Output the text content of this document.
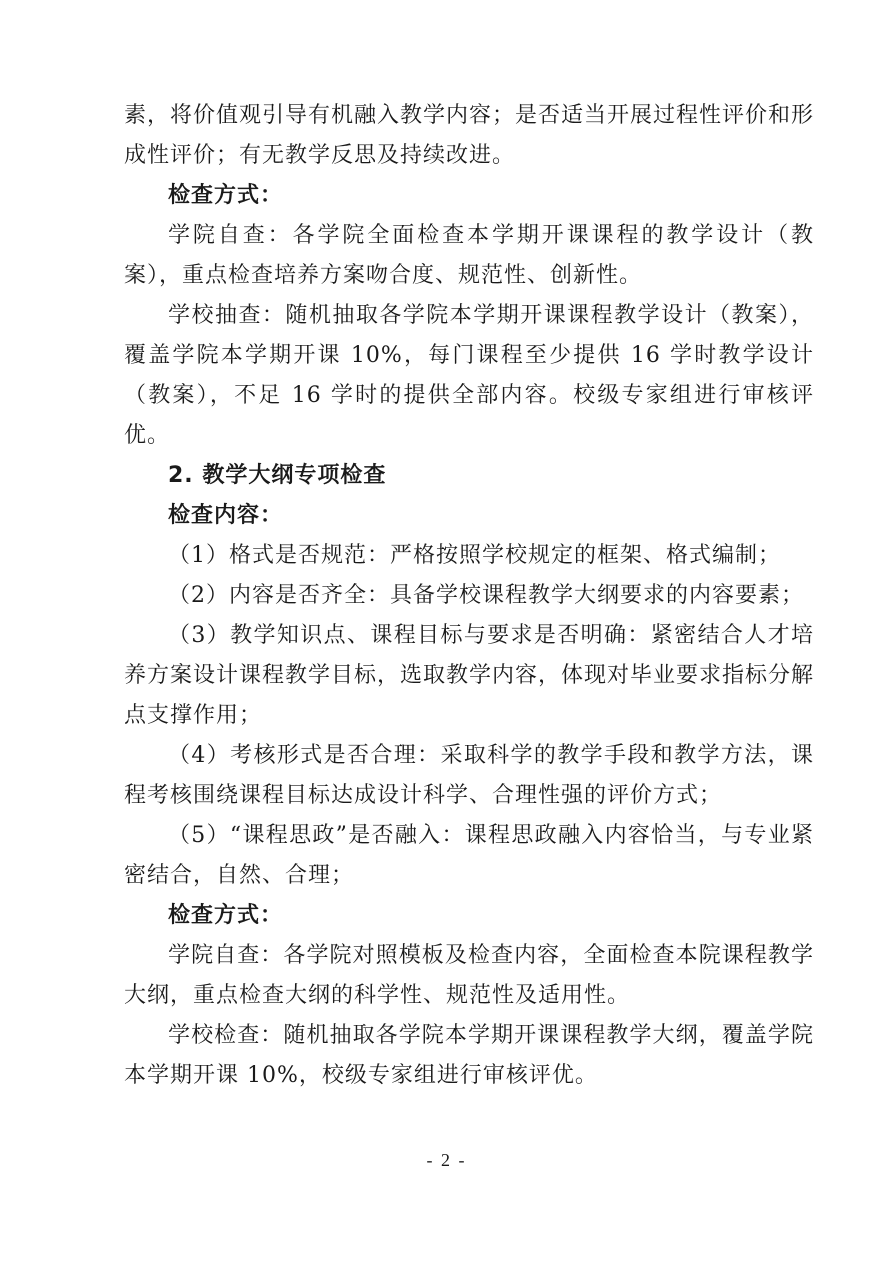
素，将价值观引导有机融入教学内容；是否适当开展过程性评价和形成性评价；有无教学反思及持续改进。

检查方式：

学院自查：各学院全面检查本学期开课课程的教学设计（教案），重点检查培养方案吻合度、规范性、创新性。

学校抽查：随机抽取各学院本学期开课课程教学设计（教案），覆盖学院本学期开课 10%，每门课程至少提供 16 学时教学设计（教案），不足 16 学时的提供全部内容。校级专家组进行审核评优。

2. 教学大纲专项检查

检查内容：

（1）格式是否规范：严格按照学校规定的框架、格式编制；

（2）内容是否齐全：具备学校课程教学大纲要求的内容要素；

（3）教学知识点、课程目标与要求是否明确：紧密结合人才培养方案设计课程教学目标，选取教学内容，体现对毕业要求指标分解点支撑作用；

（4）考核形式是否合理：采取科学的教学手段和教学方法，课程考核围绕课程目标达成设计科学、合理性强的评价方式；

（5）“课程思政”是否融入：课程思政融入内容恰当，与专业紧密结合，自然、合理；

检查方式：

学院自查：各学院对照模板及检查内容，全面检查本院课程教学大纲，重点检查大纲的科学性、规范性及适用性。

学校检查：随机抽取各学院本学期开课课程教学大纲，覆盖学院本学期开课 10%，校级专家组进行审核评优。

- 2 -
